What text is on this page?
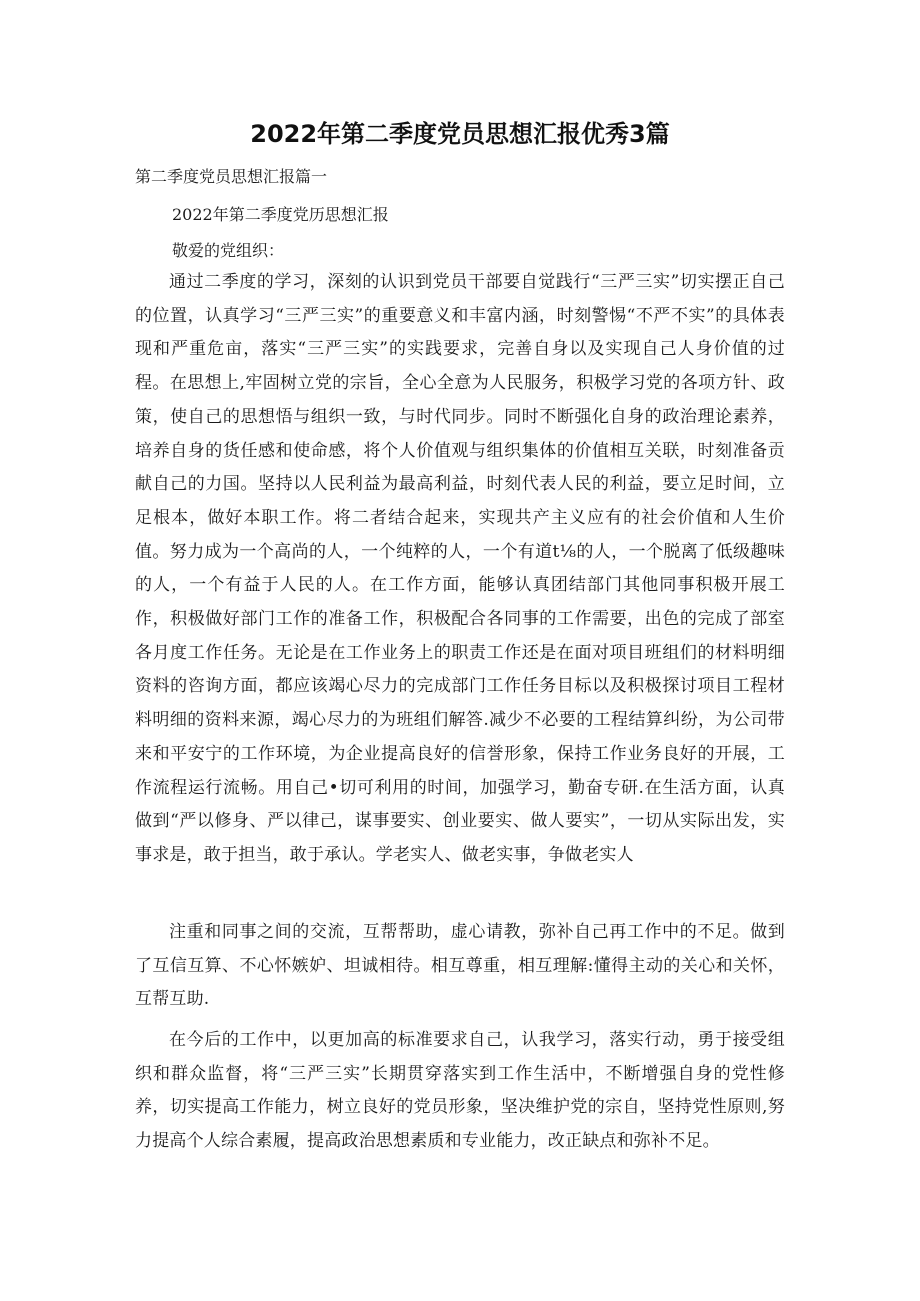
2022年第二季度党员思想汇报优秀3篇

第二季度党员思想汇报篇一

2022年第二季度党历思想汇报

敬爱的党组织：

通过二季度的学习，深刻的认识到党员干部要自觉践行“三严三实”切实摆正自己的位置，认真学习“三严三实”的重要意义和丰富内涵，时刻警惕“不严不实”的具体表现和严重危亩，落实“三严三实”的实践要求，完善自身以及实现自己人身价值的过程。在思想上,牢固树立党的宗旨，全心全意为人民服务，积极学习党的各项方针、政策，使自己的思想悟与组织一致，与时代同步。同时不断强化自身的政治理论素养，培养自身的货任感和使命感，将个人价值观与组织集体的价值相互关联，时刻准备贡献自己的力国。坚持以人民利益为最高利益，时刻代表人民的利益，要立足时间，立足根本，做好本职工作。将二者结合起来，实现共产主义应有的社会价值和人生价值。努力成为一个高尚的人，一个纯粹的人，一个有道t⅛的人，一个脱离了低级趣味的人，一个有益于人民的人。在工作方面，能够认真团结部门其他同事积极开展工作，积极做好部门工作的准备工作，积极配合各同事的工作需要，出色的完成了部室各月度工作任务。无论是在工作业务上的职责工作还是在面对项目班组们的材料明细资料的咨询方面，都应该竭心尽力的完成部门工作任务目标以及积极探讨项目工程材料明细的资料来源，竭心尽力的为班组们解答.减少不必要的工程结算纠纷，为公司带来和平安宁的工作环境，为企业提高良好的信誉形象，保持工作业务良好的开展，工作流程运行流畅。用自己•切可利用的时间，加强学习，勤奋专研.在生活方面，认真做到“严以修身、严以律己，谋事要实、创业要实、做人要实”，一切从实际出发，实事求是，敢于担当，敢于承认。学老实人、做老实事，争做老实人

注重和同事之间的交流，互帮帮助，虚心请教，弥补自己再工作中的不足。做到了互信互算、不心怀嫉妒、坦诚相待。相互尊重，相互理解:懂得主动的关心和关怀，互帮互助.

在今后的工作中，以更加高的标准要求自己，认我学习，落实行动，勇于接受组织和群众监督，将“三严三实”长期贯穿落实到工作生活中，不断增强自身的党性修养，切实提高工作能力，树立良好的党员形象，坚决维护党的宗自，坚持党性原则,努力提高个人综合素履，提高政治思想素质和专业能力，改正缺点和弥补不足。
